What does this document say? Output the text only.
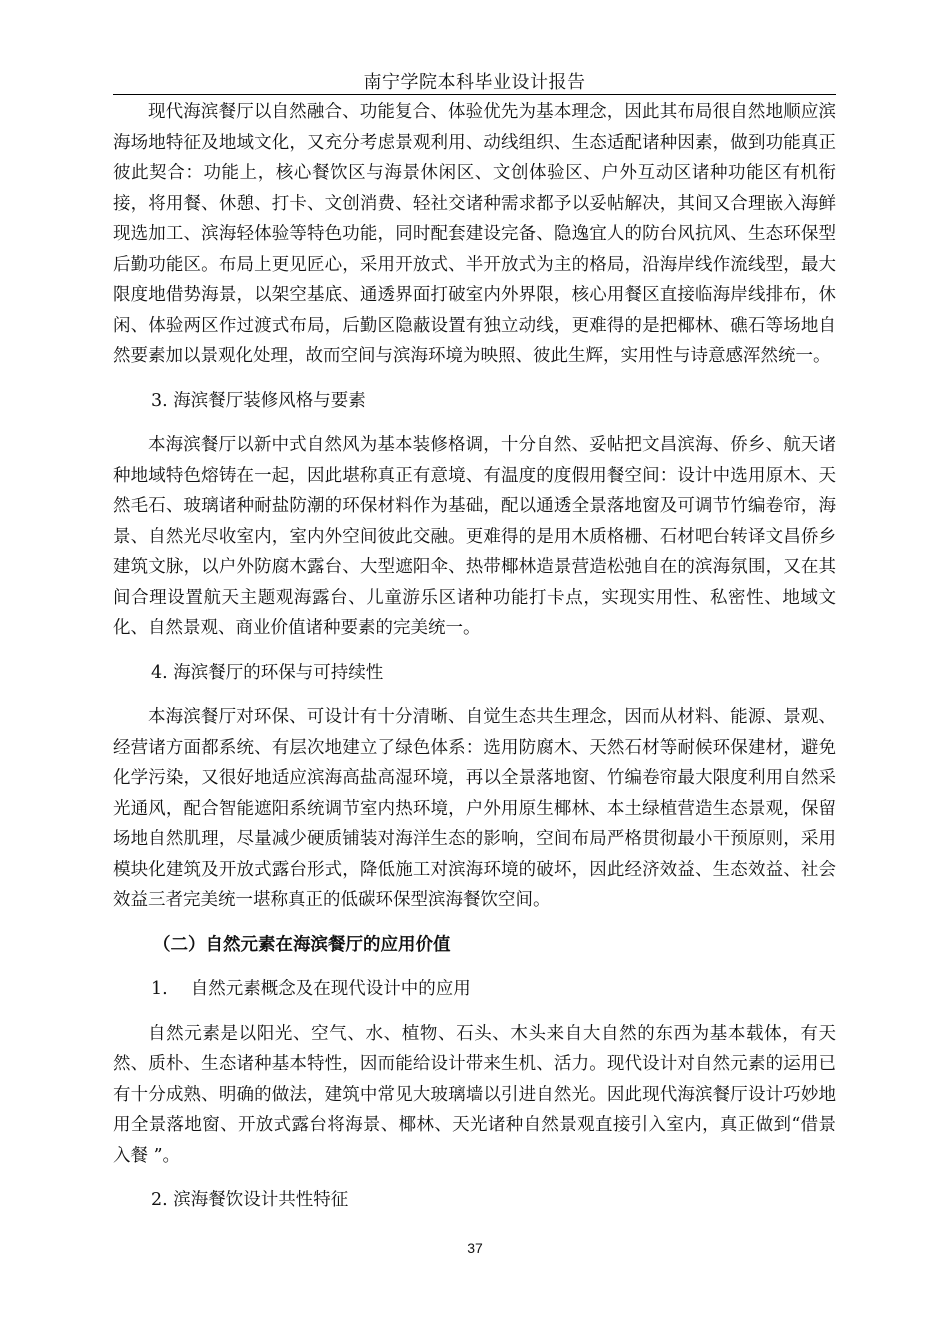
南宁学院本科毕业设计报告

现代海滨餐厅以自然融合、功能复合、体验优先为基本理念，因此其布局很自然地顺应滨海场地特征及地域文化，又充分考虑景观利用、动线组织、生态适配诸种因素，做到功能真正彼此契合：功能上，核心餐饮区与海景休闲区、文创体验区、户外互动区诸种功能区有机衔接，将用餐、休憩、打卡、文创消费、轻社交诸种需求都予以妥帖解决，其间又合理嵌入海鲜现选加工、滨海轻体验等特色功能，同时配套建设完备、隐逸宜人的防台风抗风、生态环保型后勤功能区。布局上更见匠心，采用开放式、半开放式为主的格局，沿海岸线作流线型，最大限度地借势海景，以架空基底、通透界面打破室内外界限，核心用餐区直接临海岸线排布，休闲、体验两区作过渡式布局，后勤区隐蔽设置有独立动线，更难得的是把椰林、礁石等场地自然要素加以景观化处理，故而空间与滨海环境为映照、彼此生辉，实用性与诗意感浑然统一。

3. 海滨餐厅装修风格与要素

本海滨餐厅以新中式自然风为基本装修格调，十分自然、妥帖把文昌滨海、侨乡、航天诸种地域特色熔铸在一起，因此堪称真正有意境、有温度的度假用餐空间：设计中选用原木、天然毛石、玻璃诸种耐盐防潮的环保材料作为基础，配以通透全景落地窗及可调节竹编卷帘，海景、自然光尽收室内，室内外空间彼此交融。更难得的是用木质格栅、石材吧台转译文昌侨乡建筑文脉，以户外防腐木露台、大型遮阳伞、热带椰林造景营造松弛自在的滨海氛围，又在其间合理设置航天主题观海露台、儿童游乐区诸种功能打卡点，实现实用性、私密性、地域文化、自然景观、商业价值诸种要素的完美统一。

4. 海滨餐厅的环保与可持续性

本海滨餐厅对环保、可设计有十分清晰、自觉生态共生理念，因而从材料、能源、景观、经营诸方面都系统、有层次地建立了绿色体系：选用防腐木、天然石材等耐候环保建材，避免化学污染，又很好地适应滨海高盐高湿环境，再以全景落地窗、竹编卷帘最大限度利用自然采光通风，配合智能遮阳系统调节室内热环境，户外用原生椰林、本土绿植营造生态景观，保留场地自然肌理，尽量减少硬质铺装对海洋生态的影响，空间布局严格贯彻最小干预原则，采用模块化建筑及开放式露台形式，降低施工对滨海环境的破坏，因此经济效益、生态效益、社会效益三者完美统一堪称真正的低碳环保型滨海餐饮空间。

（二）自然元素在海滨餐厅的应用价值

1.　 自然元素概念及在现代设计中的应用

自然元素是以阳光、空气、水、植物、石头、木头来自大自然的东西为基本载体，有天然、质朴、生态诸种基本特性，因而能给设计带来生机、活力。现代设计对自然元素的运用已有十分成熟、明确的做法，建筑中常见大玻璃墙以引进自然光。因此现代海滨餐厅设计巧妙地用全景落地窗、开放式露台将海景、椰林、天光诸种自然景观直接引入室内，真正做到“借景入餐 ”。

2. 滨海餐饮设计共性特征

37
